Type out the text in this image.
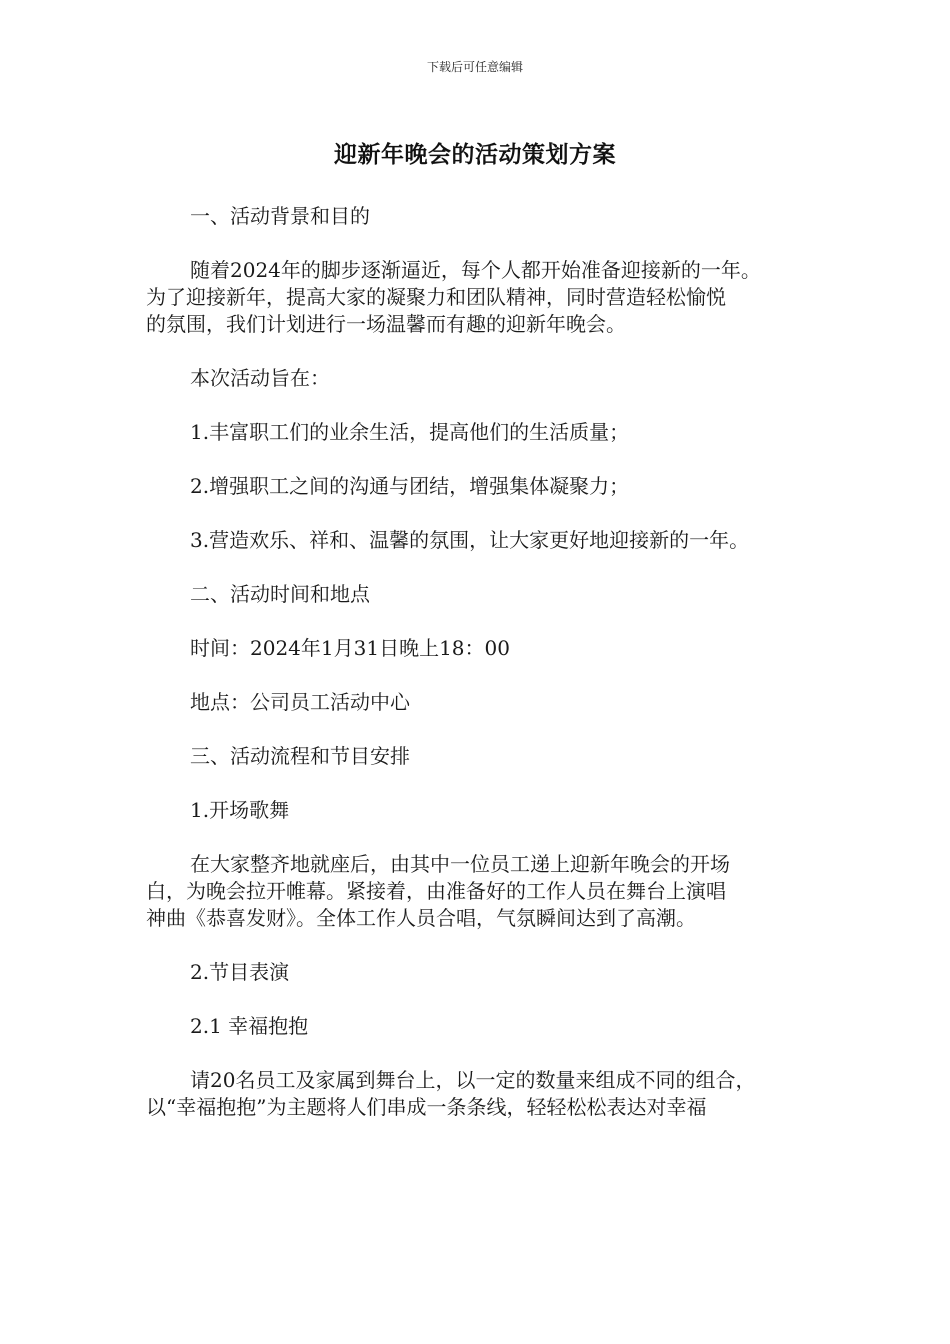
下载后可任意编辑
迎新年晚会的活动策划方案

一、活动背景和目的

随着2024年的脚步逐渐逼近，每个人都开始准备迎接新的一年。
为了迎接新年，提高大家的凝聚力和团队精神，同时营造轻松愉悦
的氛围，我们计划进行一场温馨而有趣的迎新年晚会。

本次活动旨在：

1.丰富职工们的业余生活，提高他们的生活质量；

2.增强职工之间的沟通与团结，增强集体凝聚力；

3.营造欢乐、祥和、温馨的氛围，让大家更好地迎接新的一年。

二、活动时间和地点

时间：2024年1月31日晚上18：00

地点：公司员工活动中心

三、活动流程和节目安排

1.开场歌舞

在大家整齐地就座后，由其中一位员工递上迎新年晚会的开场
白，为晚会拉开帷幕。紧接着，由准备好的工作人员在舞台上演唱
神曲《恭喜发财》。全体工作人员合唱，气氛瞬间达到了高潮。

2.节目表演

2.1 幸福抱抱

请20名员工及家属到舞台上，以一定的数量来组成不同的组合，
以“幸福抱抱”为主题将人们串成一条条线，轻轻松松表达对幸福
